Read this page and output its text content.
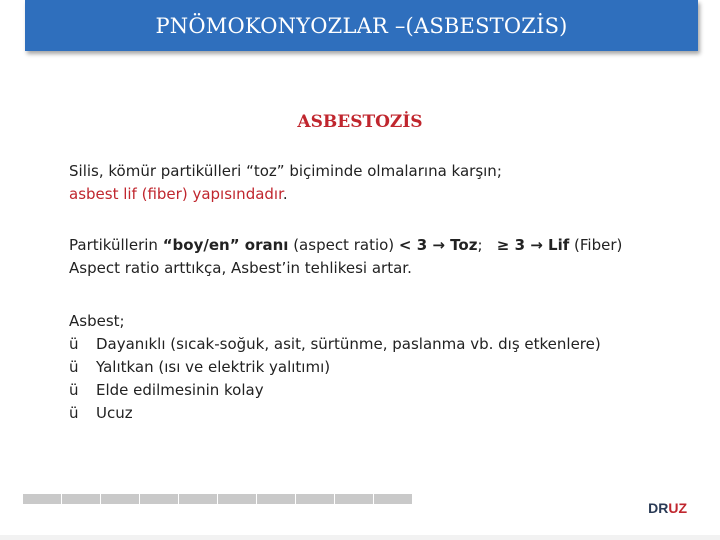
PNÖMOKONYOZLAR –(ASBESTOZİS)
ASBESTOZİS
Silis, kömür partikülleri “toz” biçiminde olmalarına karşın;
asbest lif (fiber) yapısındadır.
Partiküllerin “boy/en” oranı (aspect ratio) < 3 → Toz;   ≥ 3 → Lif (Fiber)
Aspect ratio arttıkça, Asbest’in tehlikesi artar.
Asbest;
ü	Dayanıklı (sıcak-soğuk, asit, sürtünme, paslanma vb. dış etkenlere)
ü	Yalıtkan (ısı ve elektrik yalıtımı)
ü	Elde edilmesinin kolay
ü	Ucuz
DRUZ
